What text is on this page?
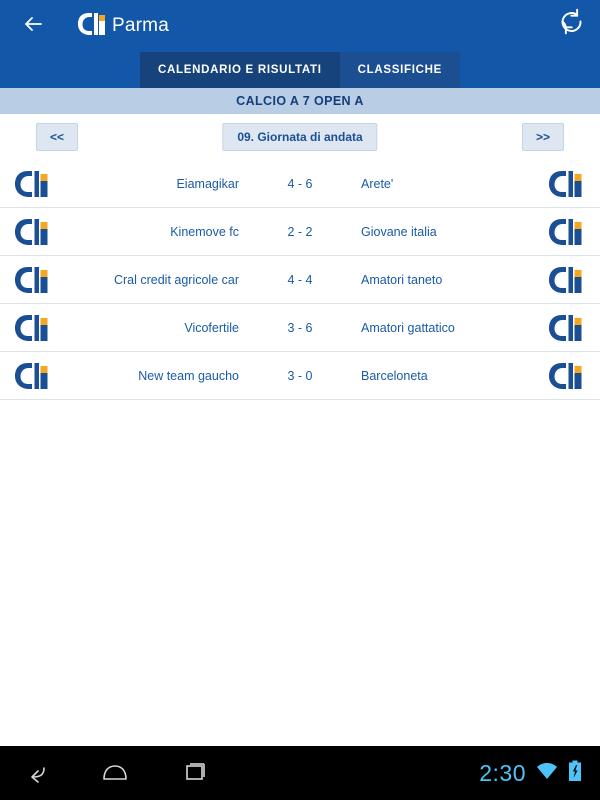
Parma
CALENDARIO E RISULTATI	CLASSIFICHE
CALCIO A 7 OPEN A
<<	09. Giornata di andata	>>
Eiamagikar	4 - 6	Arete'
Kinemove fc	2 - 2	Giovane italia
Cral credit agricole car	4 - 4	Amatori taneto
Vicofertile	3 - 6	Amatori gattatico
New team gaucho	3 - 0	Barceloneta
2:30
